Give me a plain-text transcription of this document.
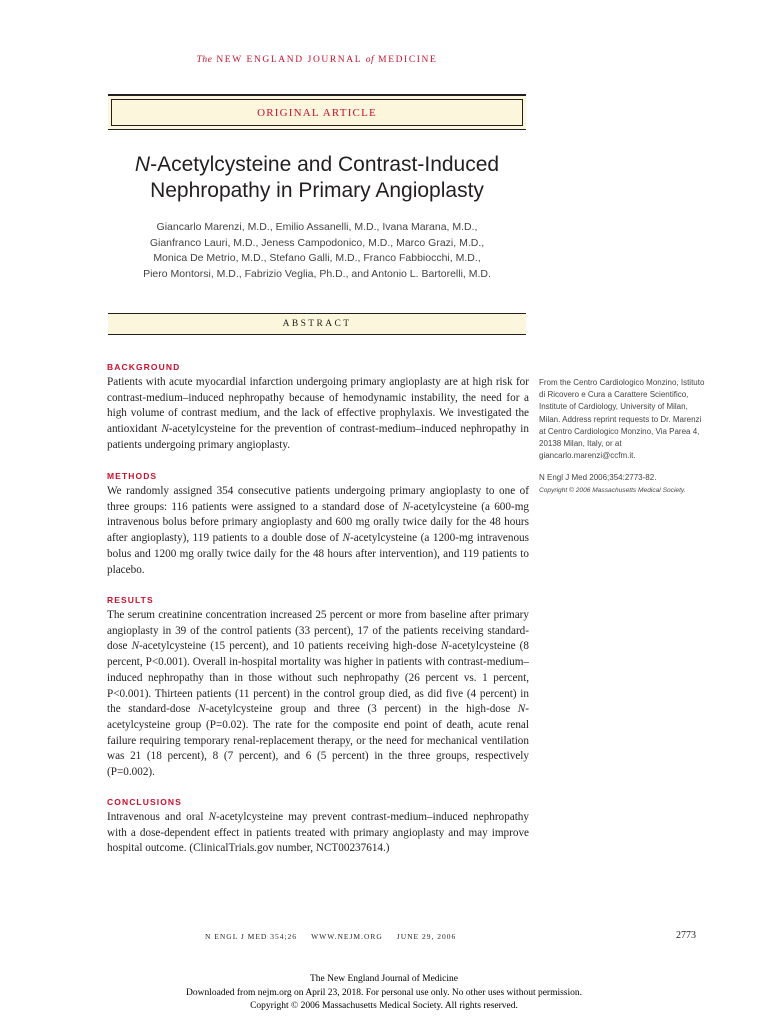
The NEW ENGLAND JOURNAL of MEDICINE
ORIGINAL ARTICLE
N-Acetylcysteine and Contrast-Induced
Nephropathy in Primary Angioplasty
Giancarlo Marenzi, M.D., Emilio Assanelli, M.D., Ivana Marana, M.D.,
Gianfranco Lauri, M.D., Jeness Campodonico, M.D., Marco Grazi, M.D.,
Monica De Metrio, M.D., Stefano Galli, M.D., Franco Fabbiocchi, M.D.,
Piero Montorsi, M.D., Fabrizio Veglia, Ph.D., and Antonio L. Bartorelli, M.D.
ABSTRACT
BACKGROUND
Patients with acute myocardial infarction undergoing primary angioplasty are at high risk for contrast-medium–induced nephropathy because of hemodynamic instability, the need for a high volume of contrast medium, and the lack of effective prophylaxis. We investigated the antioxidant N-acetylcysteine for the prevention of contrast-medium–induced nephropathy in patients undergoing primary angioplasty.
METHODS
We randomly assigned 354 consecutive patients undergoing primary angioplasty to one of three groups: 116 patients were assigned to a standard dose of N-acetylcysteine (a 600-mg intravenous bolus before primary angioplasty and 600 mg orally twice daily for the 48 hours after angioplasty), 119 patients to a double dose of N-acetylcysteine (a 1200-mg intravenous bolus and 1200 mg orally twice daily for the 48 hours after intervention), and 119 patients to placebo.
RESULTS
The serum creatinine concentration increased 25 percent or more from baseline after primary angioplasty in 39 of the control patients (33 percent), 17 of the patients receiving standard-dose N-acetylcysteine (15 percent), and 10 patients receiving high-dose N-acetylcysteine (8 percent, P<0.001). Overall in-hospital mortality was higher in patients with contrast-medium–induced nephropathy than in those without such nephropathy (26 percent vs. 1 percent, P<0.001). Thirteen patients (11 percent) in the control group died, as did five (4 percent) in the standard-dose N-acetylcysteine group and three (3 percent) in the high-dose N-acetylcysteine group (P=0.02). The rate for the composite end point of death, acute renal failure requiring temporary renal-replacement therapy, or the need for mechanical ventilation was 21 (18 percent), 8 (7 percent), and 6 (5 percent) in the three groups, respectively (P=0.002).
CONCLUSIONS
Intravenous and oral N-acetylcysteine may prevent contrast-medium–induced nephropathy with a dose-dependent effect in patients treated with primary angioplasty and may improve hospital outcome. (ClinicalTrials.gov number, NCT00237614.)
From the Centro Cardiologico Monzino, Istituto di Ricovero e Cura a Carattere Scientifico, Institute of Cardiology, University of Milan, Milan. Address reprint requests to Dr. Marenzi at Centro Cardiologico Monzino, Via Parea 4, 20138 Milan, Italy, or at giancarlo.marenzi@ccfm.it.
N Engl J Med 2006;354:2773-82.
Copyright © 2006 Massachusetts Medical Society.
N ENGL J MED 354;26 WWW.NEJM.ORG JUNE 29, 2006	2773
The New England Journal of Medicine
Downloaded from nejm.org on April 23, 2018. For personal use only. No other uses without permission.
Copyright © 2006 Massachusetts Medical Society. All rights reserved.
